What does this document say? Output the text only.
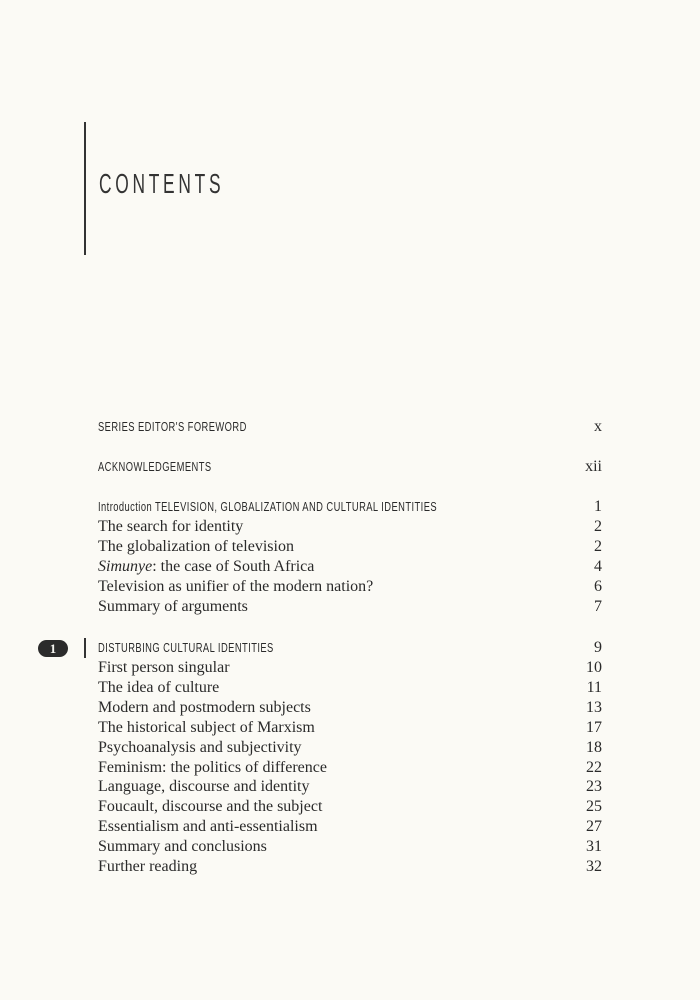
CONTENTS
SERIES EDITOR'S FOREWORD	x
ACKNOWLEDGEMENTS	xii
Introduction TELEVISION, GLOBALIZATION AND CULTURAL IDENTITIES	1
The search for identity	2
The globalization of television	2
Simunye: the case of South Africa	4
Television as unifier of the modern nation?	6
Summary of arguments	7
DISTURBING CULTURAL IDENTITIES	9
First person singular	10
The idea of culture	11
Modern and postmodern subjects	13
The historical subject of Marxism	17
Psychoanalysis and subjectivity	18
Feminism: the politics of difference	22
Language, discourse and identity	23
Foucault, discourse and the subject	25
Essentialism and anti-essentialism	27
Summary and conclusions	31
Further reading	32
1
